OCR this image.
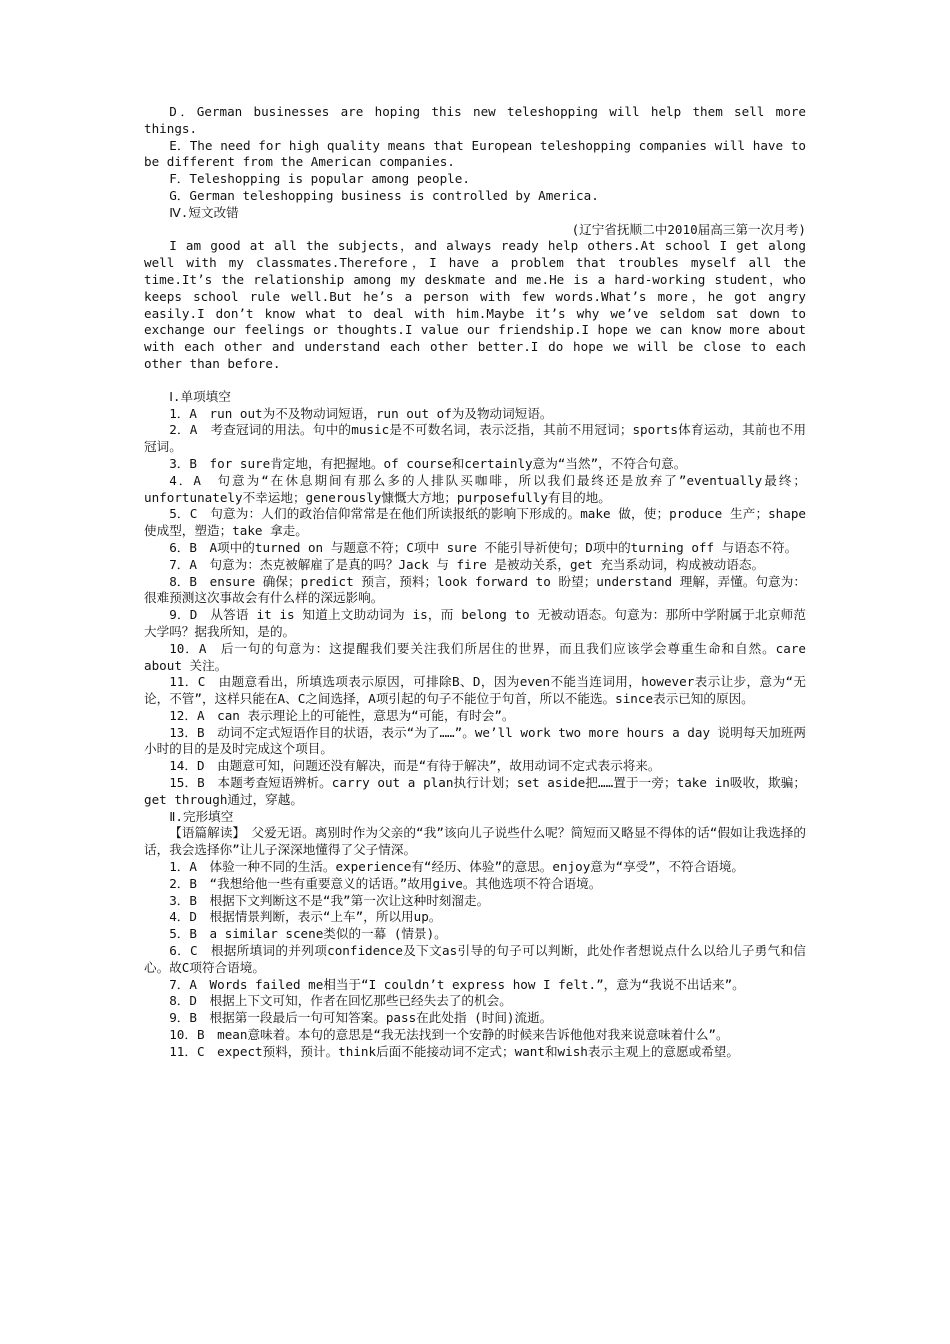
D．German businesses are hoping this new teleshopping will help them sell more things.

E．The need for high quality means that European teleshopping companies will have to be different from the American companies.

F．Teleshopping is popular among people.

G．German teleshopping business is controlled by America.

Ⅳ.短文改错

(辽宁省抚顺二中2010届高三第一次月考)

I am good at all the subjects，and always ready help others.At school I get along well with my classmates.Therefore，I have a problem that troubles myself all the time.It’s the relationship among my deskmate and me.He is a hard-working student，who keeps school rule well.But he’s a person with few words.What’s more，he got angry easily.I don’t know what to deal with him.Maybe it’s why we’ve seldom sat down to exchange our feelings or thoughts.I value our friendship.I hope we can know more about with each other and understand each other better.I do hope we will be close to each other than before.

Ⅰ.单项填空

1．A　run out为不及物动词短语，run out of为及物动词短语。

2．A　考查冠词的用法。句中的music是不可数名词，表示泛指，其前不用冠词；sports体育运动，其前也不用冠词。

3．B　for sure肯定地，有把握地。of course和certainly意为“当然”，不符合句意。

4．A　句意为“在休息期间有那么多的人排队买咖啡，所以我们最终还是放弃了”eventually最终；unfortunately不幸运地；generously慷慨大方地；purposefully有目的地。

5．C　句意为：人们的政治信仰常常是在他们所读报纸的影响下形成的。make 做，使；produce 生产；shape 使成型，塑造；take 拿走。

6．B　A项中的turned on 与题意不符；C项中 sure 不能引导祈使句；D项中的turning off 与语态不符。

7．A　句意为：杰克被解雇了是真的吗？Jack 与 fire 是被动关系，get 充当系动词，构成被动语态。

8．B　ensure 确保；predict 预言，预料；look forward to 盼望；understand 理解，弄懂。句意为：很难预测这次事故会有什么样的深远影响。

9．D　从答语 it is 知道上文助动词为 is，而 belong to 无被动语态。句意为：那所中学附属于北京师范大学吗？据我所知，是的。

10．A　后一句的句意为：这提醒我们要关注我们所居住的世界，而且我们应该学会尊重生命和自然。care about 关注。

11．C　由题意看出，所填选项表示原因，可排除B、D，因为even不能当连词用，however表示让步，意为“无论，不管”，这样只能在A、C之间选择，A项引起的句子不能位于句首，所以不能选。since表示已知的原因。

12．A　can 表示理论上的可能性，意思为“可能，有时会”。

13．B　动词不定式短语作目的状语，表示“为了……”。we’ll work two more hours a day 说明每天加班两小时的目的是及时完成这个项目。

14．D　由题意可知，问题还没有解决，而是“有待于解决”，故用动词不定式表示将来。

15．B　本题考查短语辨析。carry out a plan执行计划；set aside把……置于一旁；take in吸收，欺骗；get through通过，穿越。

Ⅱ.完形填空

【语篇解读】　父爱无语。离别时作为父亲的“我”该向儿子说些什么呢？简短而又略显不得体的话“假如让我选择的话，我会选择你”让儿子深深地懂得了父子情深。

1．A　体验一种不同的生活。experience有“经历、体验”的意思。enjoy意为“享受”，不符合语境。

2．B　“我想给他一些有重要意义的话语。”故用give。其他选项不符合语境。

3．B　根据下文判断这不是“我”第一次让这种时刻溜走。

4．D　根据情景判断，表示“上车”，所以用up。

5．B　a similar scene类似的一幕 (情景)。

6．C　根据所填词的并列项confidence及下文as引导的句子可以判断，此处作者想说点什么以给儿子勇气和信心。故C项符合语境。

7．A　Words failed me相当于“I couldn’t express how I felt.”，意为“我说不出话来”。

8．D　根据上下文可知，作者在回忆那些已经失去了的机会。

9．B　根据第一段最后一句可知答案。pass在此处指 (时间)流逝。

10．B　mean意味着。本句的意思是“我无法找到一个安静的时候来告诉他他对我来说意味着什么”。

11．C　expect预料，预计。think后面不能接动词不定式；want和wish表示主观上的意愿或希望。
